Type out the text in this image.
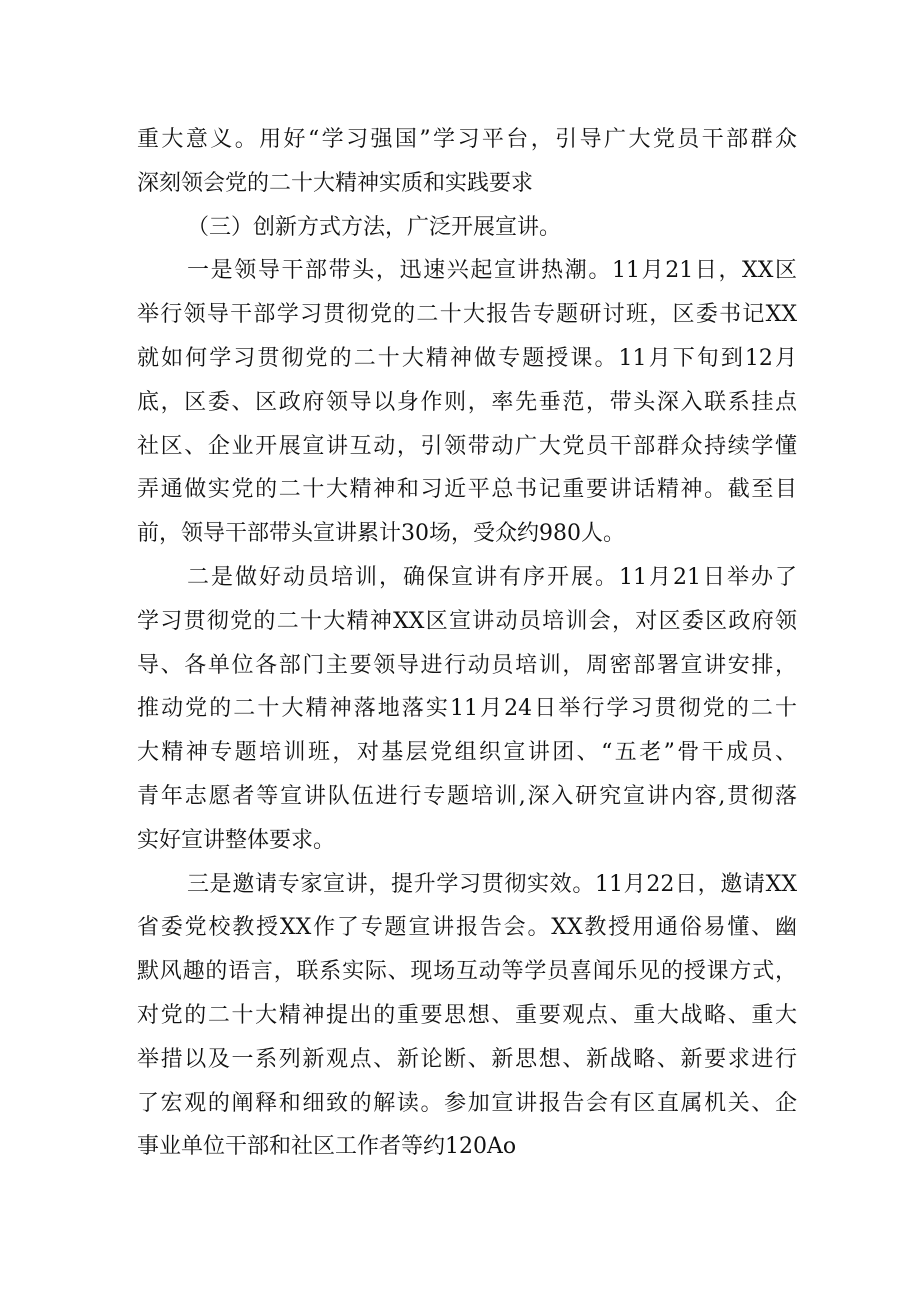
重大意义。用好“学习强国”学习平台，引导广大党员干部群众
深刻领会党的二十大精神实质和实践要求

（三）创新方式方法，广泛开展宣讲。

一是领导干部带头，迅速兴起宣讲热潮。11月21日，XX区
举行领导干部学习贯彻党的二十大报告专题研讨班，区委书记XX
就如何学习贯彻党的二十大精神做专题授课。11月下旬到12月
底，区委、区政府领导以身作则，率先垂范，带头深入联系挂点
社区、企业开展宣讲互动，引领带动广大党员干部群众持续学懂
弄通做实党的二十大精神和习近平总书记重要讲话精神。截至目
前，领导干部带头宣讲累计30场，受众约980人。

二是做好动员培训，确保宣讲有序开展。11月21日举办了
学习贯彻党的二十大精神XX区宣讲动员培训会，对区委区政府领
导、各单位各部门主要领导进行动员培训，周密部署宣讲安排，
推动党的二十大精神落地落实11月24日举行学习贯彻党的二十
大精神专题培训班，对基层党组织宣讲团、“五老”骨干成员、
青年志愿者等宣讲队伍进行专题培训,深入研究宣讲内容,贯彻落
实好宣讲整体要求。

三是邀请专家宣讲，提升学习贯彻实效。11月22日，邀请XX
省委党校教授XX作了专题宣讲报告会。XX教授用通俗易懂、幽
默风趣的语言，联系实际、现场互动等学员喜闻乐见的授课方式，
对党的二十大精神提出的重要思想、重要观点、重大战略、重大
举措以及一系列新观点、新论断、新思想、新战略、新要求进行
了宏观的阐释和细致的解读。参加宣讲报告会有区直属机关、企
事业单位干部和社区工作者等约120Ao
